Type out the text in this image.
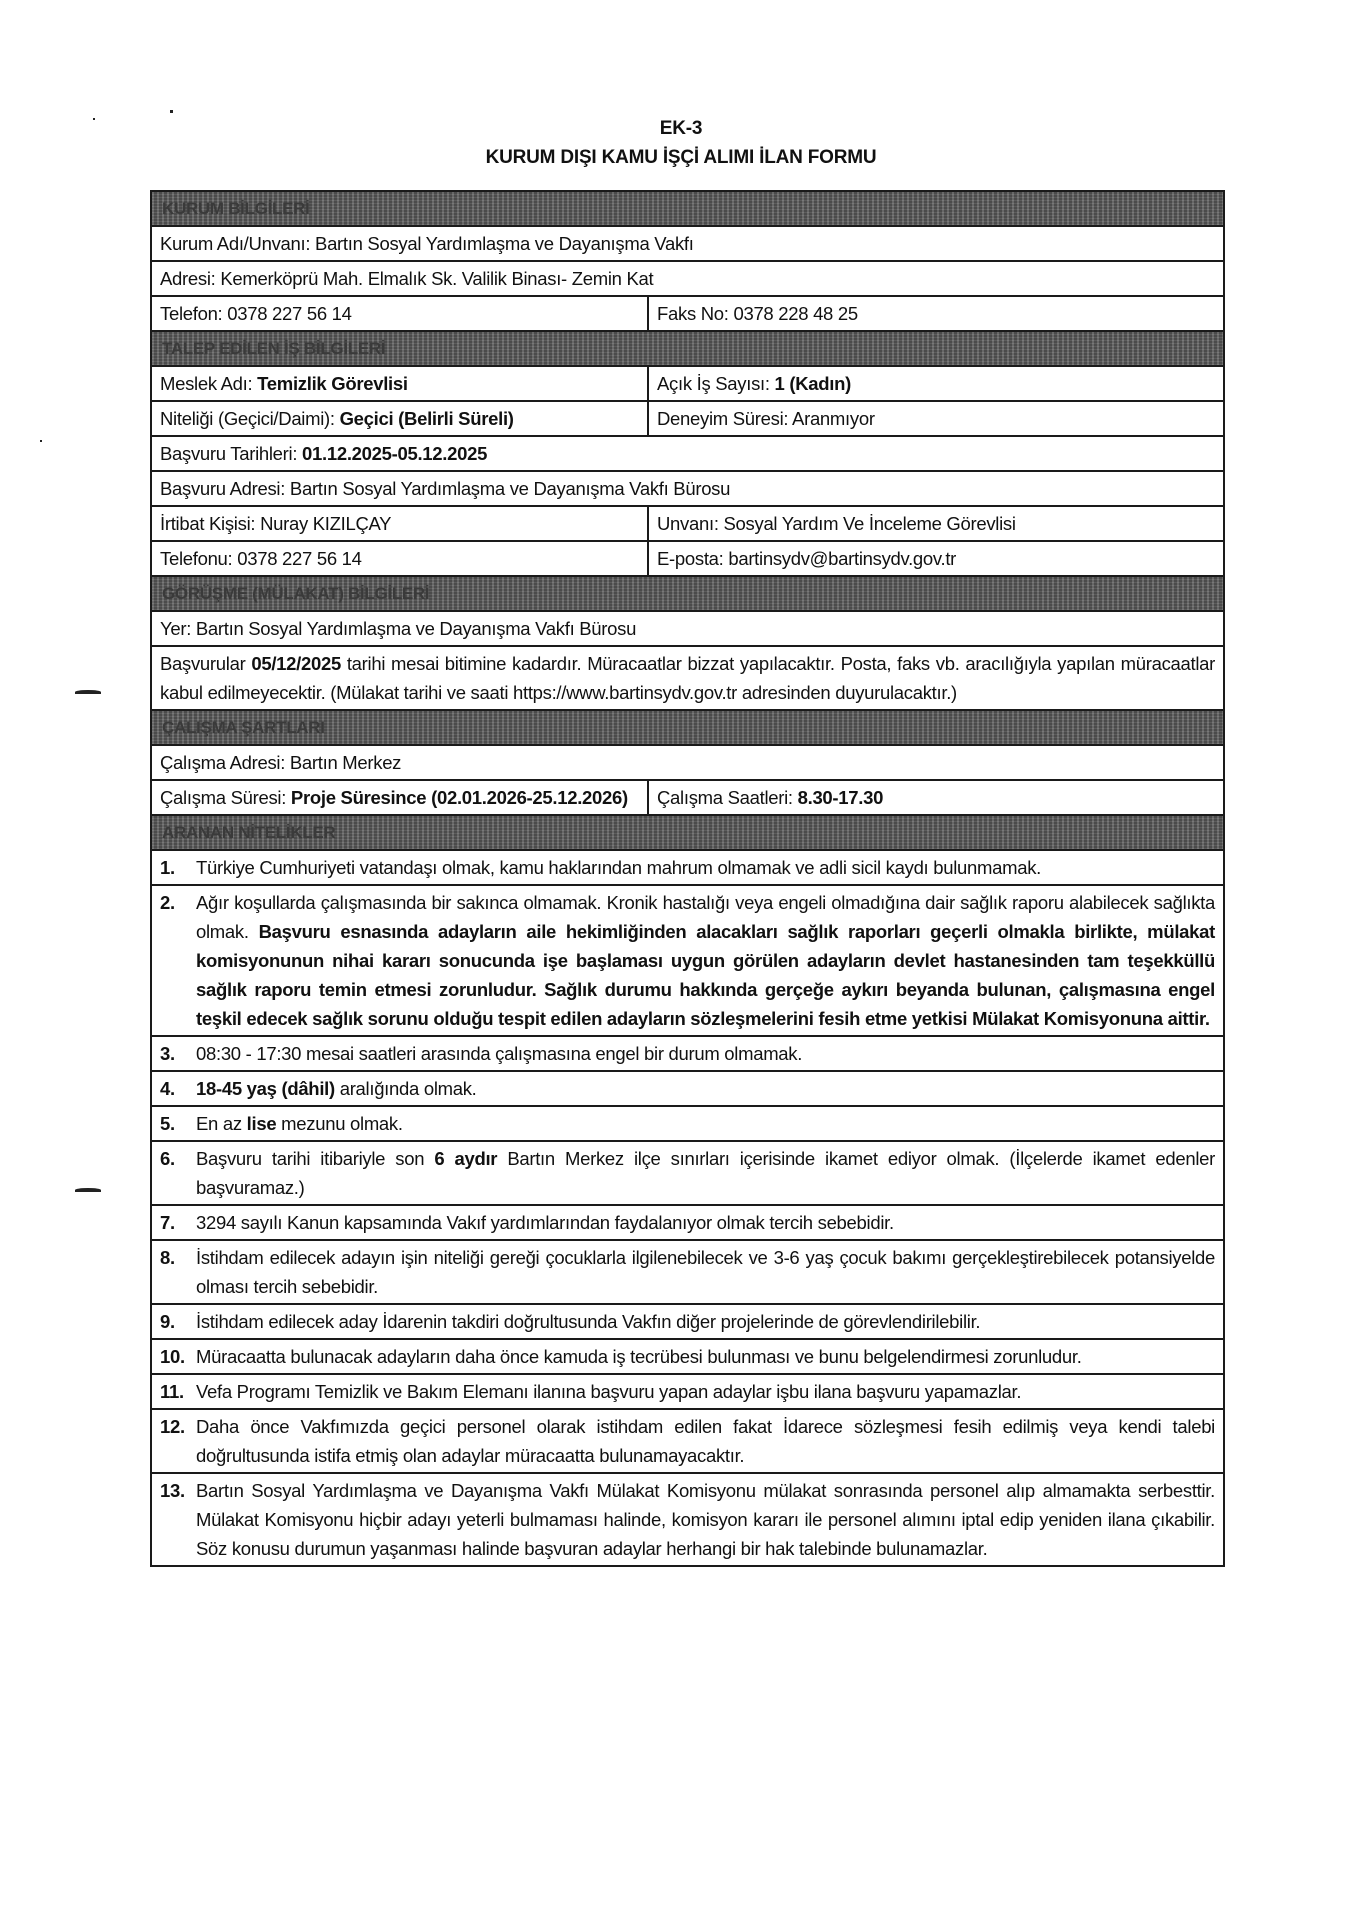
EK-3
KURUM DIŞI KAMU İŞÇİ ALIMI İLAN FORMU
KURUM BİLGİLERİ	
Kurum Adı/Unvanı: Bartın Sosyal Yardımlaşma ve Dayanışma Vakfı	
Adresi: Kemerköprü Mah. Elmalık Sk. Valilik Binası- Zemin Kat	
Telefon: 0378 227 56 14	Faks No: 0378 228 48 25
TALEP EDİLEN İŞ BİLGİLERİ	
Meslek Adı: Temizlik Görevlisi	Açık İş Sayısı: 1 (Kadın)
Niteliği (Geçici/Daimi): Geçici (Belirli Süreli)	Deneyim Süresi: Aranmıyor
Başvuru Tarihleri: 01.12.2025-05.12.2025	
Başvuru Adresi: Bartın Sosyal Yardımlaşma ve Dayanışma Vakfı Bürosu	
İrtibat Kişisi: Nuray KIZILÇAY	Unvanı: Sosyal Yardım Ve İnceleme Görevlisi
Telefonu: 0378 227 56 14	E-posta: bartinsydv@bartinsydv.gov.tr
GÖRÜŞME (MÜLAKAT) BİLGİLERİ	
Yer: Bartın Sosyal Yardımlaşma ve Dayanışma Vakfı Bürosu	
Başvurular 05/12/2025 tarihi mesai bitimine kadardır. Müracaatlar bizzat yapılacaktır. Posta, faks vb. aracılığıyla yapılan müracaatlar kabul edilmeyecektir. (Mülakat tarihi ve saati https://www.bartinsydv.gov.tr adresinden duyurulacaktır.)	
ÇALIŞMA ŞARTLARI	
Çalışma Adresi: Bartın Merkez	
Çalışma Süresi: Proje Süresince (02.01.2026-25.12.2026)	Çalışma Saatleri: 8.30-17.30
ARANAN NİTELİKLER	

1. Türkiye Cumhuriyeti vatandaşı olmak, kamu haklarından mahrum olmamak ve adli sicil kaydı bulunmamak.	

2. Ağır koşullarda çalışmasında bir sakınca olmamak. Kronik hastalığı veya engeli olmadığına dair sağlık raporu alabilecek sağlıkta olmak. Başvuru esnasında adayların aile hekimliğinden alacakları sağlık raporları geçerli olmakla birlikte, mülakat komisyonunun nihai kararı sonucunda işe başlaması uygun görülen adayların devlet hastanesinden tam teşekküllü sağlık raporu temin etmesi zorunludur. Sağlık durumu hakkında gerçeğe aykırı beyanda bulunan, çalışmasına engel teşkil edecek sağlık sorunu olduğu tespit edilen adayların sözleşmelerini fesih etme yetkisi Mülakat Komisyonuna aittir.	

3. 08:30 - 17:30 mesai saatleri arasında çalışmasına engel bir durum olmamak.	

4. 18-45 yaş (dâhil) aralığında olmak.	

5. En az lise mezunu olmak.	

6. Başvuru tarihi itibariyle son 6 aydır Bartın Merkez ilçe sınırları içerisinde ikamet ediyor olmak. (İlçelerde ikamet edenler başvuramaz.)	

7. 3294 sayılı Kanun kapsamında Vakıf yardımlarından faydalanıyor olmak tercih sebebidir.	

8. İstihdam edilecek adayın işin niteliği gereği çocuklarla ilgilenebilecek ve 3-6 yaş çocuk bakımı gerçekleştirebilecek potansiyelde olması tercih sebebidir.	

9. İstihdam edilecek aday İdarenin takdiri doğrultusunda Vakfın diğer projelerinde de görevlendirilebilir.	

10. Müracaatta bulunacak adayların daha önce kamuda iş tecrübesi bulunması ve bunu belgelendirmesi zorunludur.	

11. Vefa Programı Temizlik ve Bakım Elemanı ilanına başvuru yapan adaylar işbu ilana başvuru yapamazlar.	

12. Daha önce Vakfımızda geçici personel olarak istihdam edilen fakat İdarece sözleşmesi fesih edilmiş veya kendi talebi doğrultusunda istifa etmiş olan adaylar müracaatta bulunamayacaktır.	

13. Bartın Sosyal Yardımlaşma ve Dayanışma Vakfı Mülakat Komisyonu mülakat sonrasında personel alıp almamakta serbesttir. Mülakat Komisyonu hiçbir adayı yeterli bulmaması halinde, komisyon kararı ile personel alımını iptal edip yeniden ilana çıkabilir. Söz konusu durumun yaşanması halinde başvuran adaylar herhangi bir hak talebinde bulunamazlar.	
